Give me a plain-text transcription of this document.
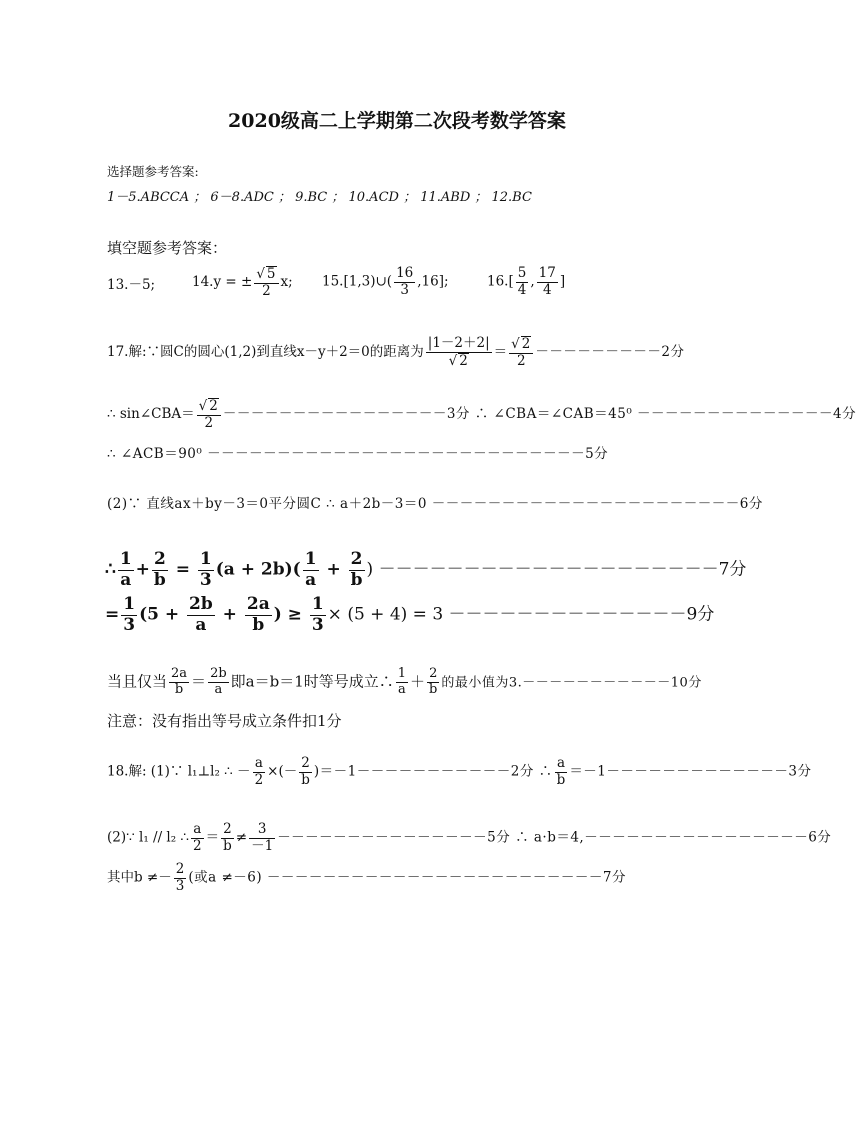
2020级高二上学期第二次段考数学答案
选择题参考答案:
1－5.ABCCA ； 6－8.ADC ； 9.BC ； 10.ACD ； 11.ABD ； 12.BC
填空题参考答案：
13.－5;	14.y = ± $\frac{√ 5}{2} x$; 15.[1,3)∪( $\frac{16}{3} ,16$];	$16.[ \frac{5}{4}$ , $\frac{17}{4}$ ]
17.解:∵圆C的圆心(1,2)到直线x－y＋2＝0的距离为 $\frac{|1-2+2|}{√ 2} = \frac{√ 2}{2} ---------2$分
∴ sin∠CBA＝ $\frac{√ 2}{2} ----------------3$分 ∴ ∠CBA＝∠CAB＝45⁰ －－－－－－－－－－－－－－4分
∴ ∠ACB＝90⁰ －－－－－－－－－－－－－－－－－－－－－－－－－－－5分
(2)∵ 直线ax＋by－3＝0平分圆C ∴ a＋2b－3＝0 －－－－－－－－－－－－－－－－－－－－－－6分
∴ $\frac{1}{a} + \frac{2}{b} = \frac{1}{3} (a + 2b)( \frac{1}{a} + \frac{2}{b}$ ) －－－－－－－－－－－－－－－－－－－－7分
= $\frac{1}{3} (5 + \frac{2b}{a} + \frac{2a}{b}$ ) ≥ $\frac{1}{3} \times (5 + 4) = 3 --------------9$分
当且仅当 $\frac{2a}{b} = \frac{2b}{a}$ 即a＝b＝1时等号成立∴ $\frac{1}{a} + \frac{2}{b}$ 的最小值为3.－－－－－－－－－－－10分
注意：没有指出等号成立条件扣1分
18.解: (1)∵ l₁⊥l₂ ∴ － $\frac{a}{2}$ ×(－ $\frac{2}{b} )=-1-----------2$分 ∴ $\frac{a}{b} =-1-------------3$分
(2)∵ l₁ // l₂ ∴ $\frac{a}{2} = \frac{2}{b} \ne \frac{3}{-1} ---------------5$分 ∴ a·b＝4,－－－－－－－－－－－－－－－－6分
其中$b \ne- \frac{2}{3}$ (或a ≠－6) －－－－－－－－－－－－－－－－－－－－－－－－7分
